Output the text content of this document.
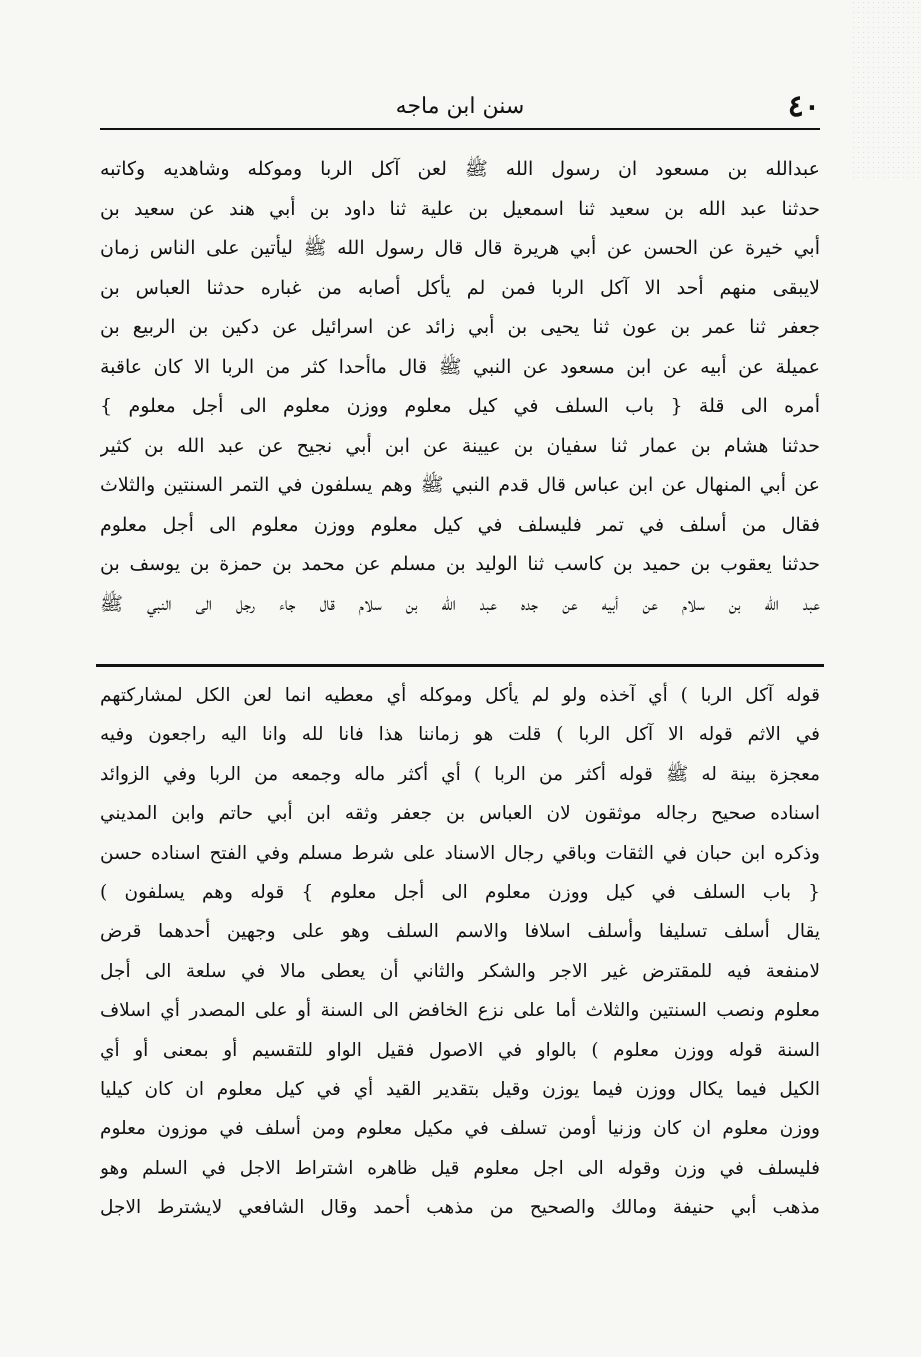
٤٠
سنن ابن ماجه
عبدالله بن مسعود ان رسول الله ﷺ لعن آكل الربا وموكله وشاهديه وكاتبه
حدثنا عبد الله بن سعيد ثنا اسمعيل بن علية ثنا داود بن أبي هند عن سعيد بن
أبي خيرة عن الحسن عن أبي هريرة قال قال رسول الله ﷺ ليأتين على الناس زمان
لايبقى منهم أحد الا آكل الربا فمن لم يأكل أصابه من غباره حدثنا العباس بن
جعفر ثنا عمر بن عون ثنا يحيى بن أبي زائد عن اسرائيل عن دكين بن الربيع بن
عميلة عن أبيه عن ابن مسعود عن النبي ﷺ قال ماأحدا كثر من الربا الا كان عاقبة
أمره الى قلة { باب السلف في كيل معلوم ووزن معلوم الى أجل معلوم }
حدثنا هشام بن عمار ثنا سفيان بن عيينة عن ابن أبي نجيح عن عبد الله بن كثير
عن أبي المنهال عن ابن عباس قال قدم النبي ﷺ وهم يسلفون في التمر السنتين والثلاث
فقال من أسلف في تمر فليسلف في كيل معلوم ووزن معلوم الى أجل معلوم
حدثنا يعقوب بن حميد بن كاسب ثنا الوليد بن مسلم عن محمد بن حمزة بن يوسف بن
عبد الله بن سلام عن أبيه عن جده عبد الله بن سلام قال جاء رجل الى النبي ﷺ
قوله آكل الربا ) أي آخذه ولو لم يأكل وموكله أي معطيه انما لعن الكل لمشاركتهم
في الاثم قوله الا آكل الربا ) قلت هو زماننا هذا فانا لله وانا اليه راجعون وفيه
معجزة بينة له ﷺ قوله أكثر من الربا ) أي أكثر ماله وجمعه من الربا وفي الزوائد
اسناده صحيح رجاله موثقون لان العباس بن جعفر وثقه ابن أبي حاتم وابن المديني
وذكره ابن حبان في الثقات وباقي رجال الاسناد على شرط مسلم وفي الفتح اسناده حسن
{ باب السلف في كيل ووزن معلوم الى أجل معلوم } قوله وهم يسلفون )
يقال أسلف تسليفا وأسلف اسلافا والاسم السلف وهو على وجهين أحدهما قرض
لامنفعة فيه للمقترض غير الاجر والشكر والثاني أن يعطى مالا في سلعة الى أجل
معلوم ونصب السنتين والثلاث أما على نزع الخافض الى السنة أو على المصدر أي اسلاف
السنة قوله ووزن معلوم ) بالواو في الاصول فقيل الواو للتقسيم أو بمعنى أو أي
الكيل فيما يكال ووزن فيما يوزن وقيل بتقدير القيد أي في كيل معلوم ان كان كيليا
ووزن معلوم ان كان وزنيا أومن تسلف في مكيل معلوم ومن أسلف في موزون معلوم
فليسلف في وزن وقوله الى اجل معلوم قيل ظاهره اشتراط الاجل في السلم وهو
مذهب أبي حنيفة ومالك والصحيح من مذهب أحمد وقال الشافعي لايشترط الاجل
